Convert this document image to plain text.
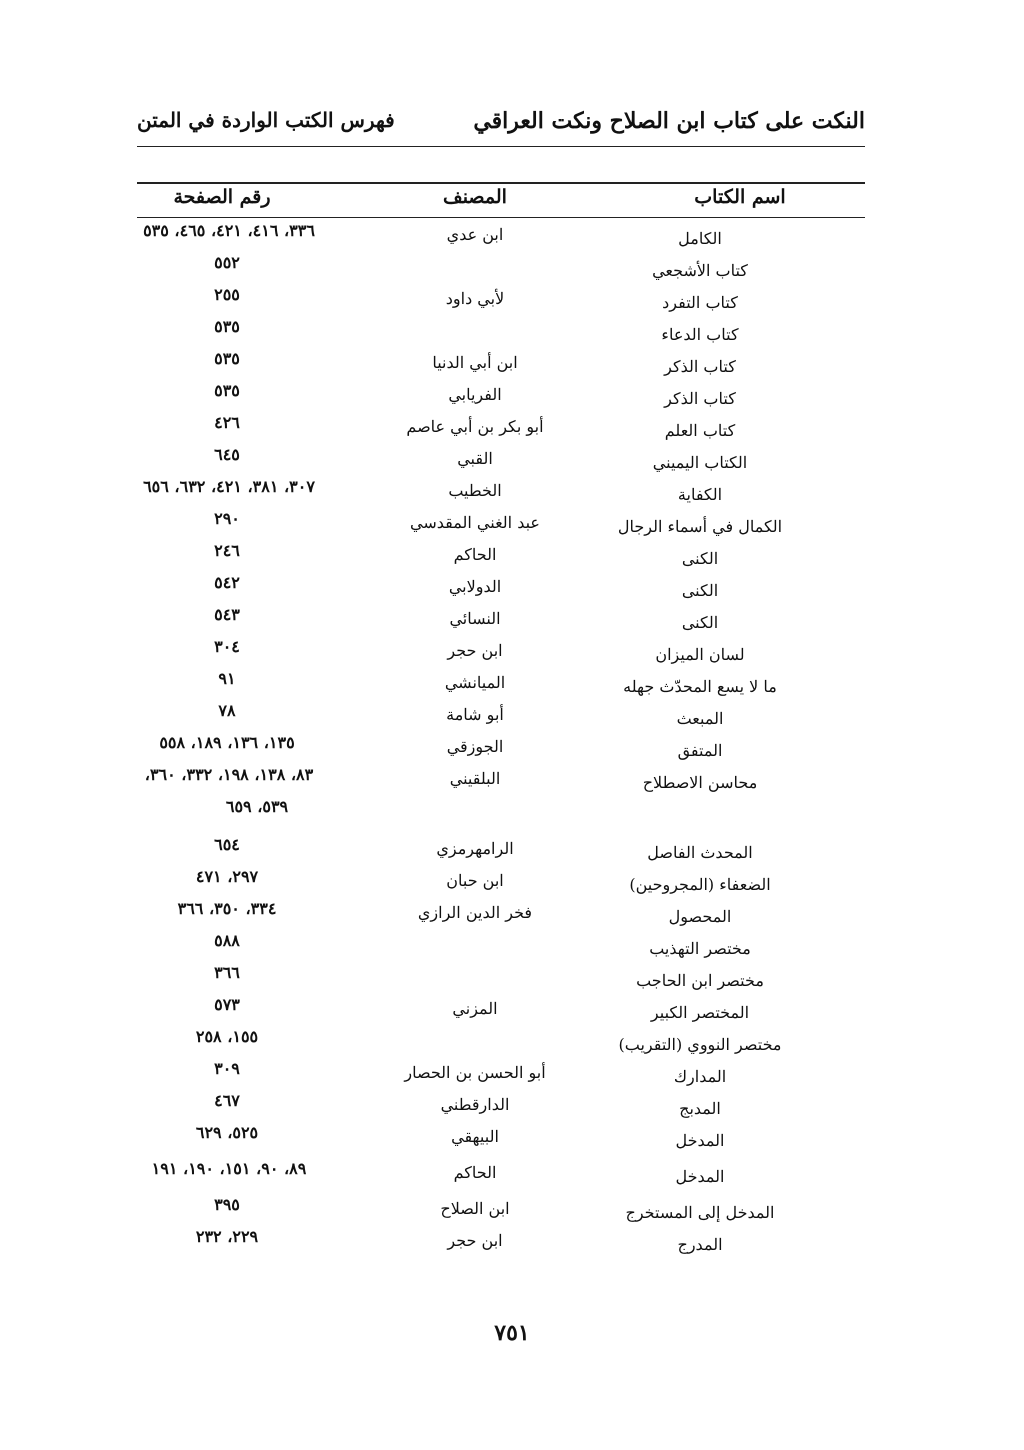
النكت على كتاب ابن الصلاح ونكت العراقي
فهرس الكتب الواردة في المتن
اسم الكتاب
المصنف
رقم الصفحة
الكامل
ابن عدي
٣٣٦، ٤١٦، ٤٢١، ٤٦٥، ٥٣٥
كتاب الأشجعي
٥٥٢
كتاب التفرد
لأبي داود
٢٥٥
كتاب الدعاء
٥٣٥
كتاب الذكر
ابن أبي الدنيا
٥٣٥
كتاب الذكر
الفريابي
٥٣٥
كتاب العلم
أبو بكر بن أبي عاصم
٤٢٦
الكتاب اليميني
القبي
٦٤٥
الكفاية
الخطيب
٣٠٧، ٣٨١، ٤٢١، ٦٣٢، ٦٥٦
الكمال في أسماء الرجال
عبد الغني المقدسي
٢٩٠
الكنى
الحاكم
٢٤٦
الكنى
الدولابي
٥٤٢
الكنى
النسائي
٥٤٣
لسان الميزان
ابن حجر
٣٠٤
ما لا يسع المحدّث جهله
الميانشي
٩١
المبعث
أبو شامة
٧٨
المتفق
الجوزقي
١٣٥، ١٣٦، ١٨٩، ٥٥٨
محاسن الاصطلاح
البلقيني
٨٣، ١٣٨، ١٩٨، ٣٣٢، ٣٦٠،
٥٣٩، ٦٥٩
المحدث الفاصل
الرامهرمزي
٦٥٤
الضعفاء (المجروحين)
ابن حبان
٢٩٧، ٤٧١
المحصول
فخر الدين الرازي
٣٣٤، ٣٥٠، ٣٦٦
مختصر التهذيب
٥٨٨
مختصر ابن الحاجب
٣٦٦
المختصر الكبير
المزني
٥٧٣
مختصر النووي (التقريب)
١٥٥، ٢٥٨
المدارك
أبو الحسن بن الحصار
٣٠٩
المدبج
الدارقطني
٤٦٧
المدخل
البيهقي
٥٢٥، ٦٢٩
المدخل
الحاكم
٨٩، ٩٠، ١٥١، ١٩٠، ١٩١
المدخل إلى المستخرج
ابن الصلاح
٣٩٥
المدرج
ابن حجر
٢٢٩، ٢٣٢
٧٥١
